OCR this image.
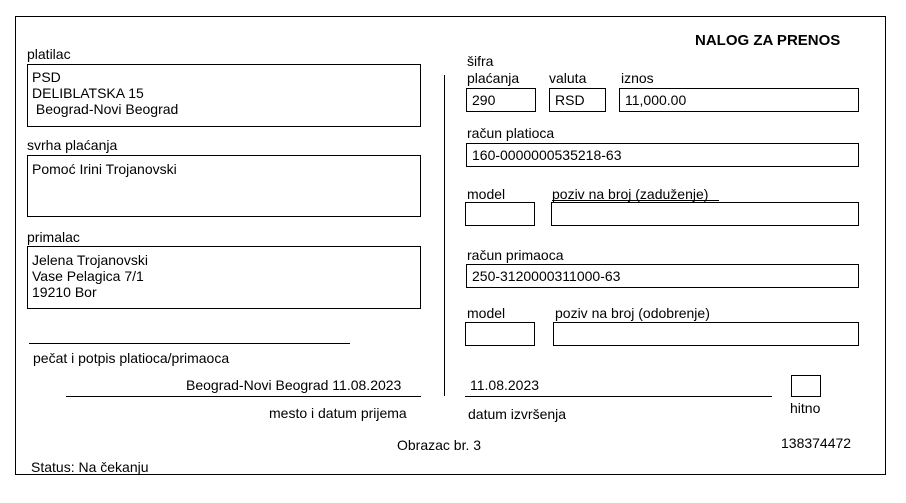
NALOG ZA PRENOS
platilac
PSD
DELIBLATSKA 15
Beograd-Novi Beograd
svrha plaćanja
Pomoć Irini Trojanovski
primalac
Jelena Trojanovski
Vase Pelagica 7/1
19210 Bor
pečat i potpis platioca/primaoca
Beograd-Novi Beograd 11.08.2023
mesto i datum prijema
šifra
plaćanja valuta iznos
290	RSD	11,000.00
račun platioca
160-0000000535218-63
model	poziv na broj (zaduženje)
račun primaoca
250-3120000311000-63
model	poziv na broj (odobrenje)
11.08.2023
datum izvršenja	hitno
Obrazac br. 3	138374472
Status: Na čekanju
